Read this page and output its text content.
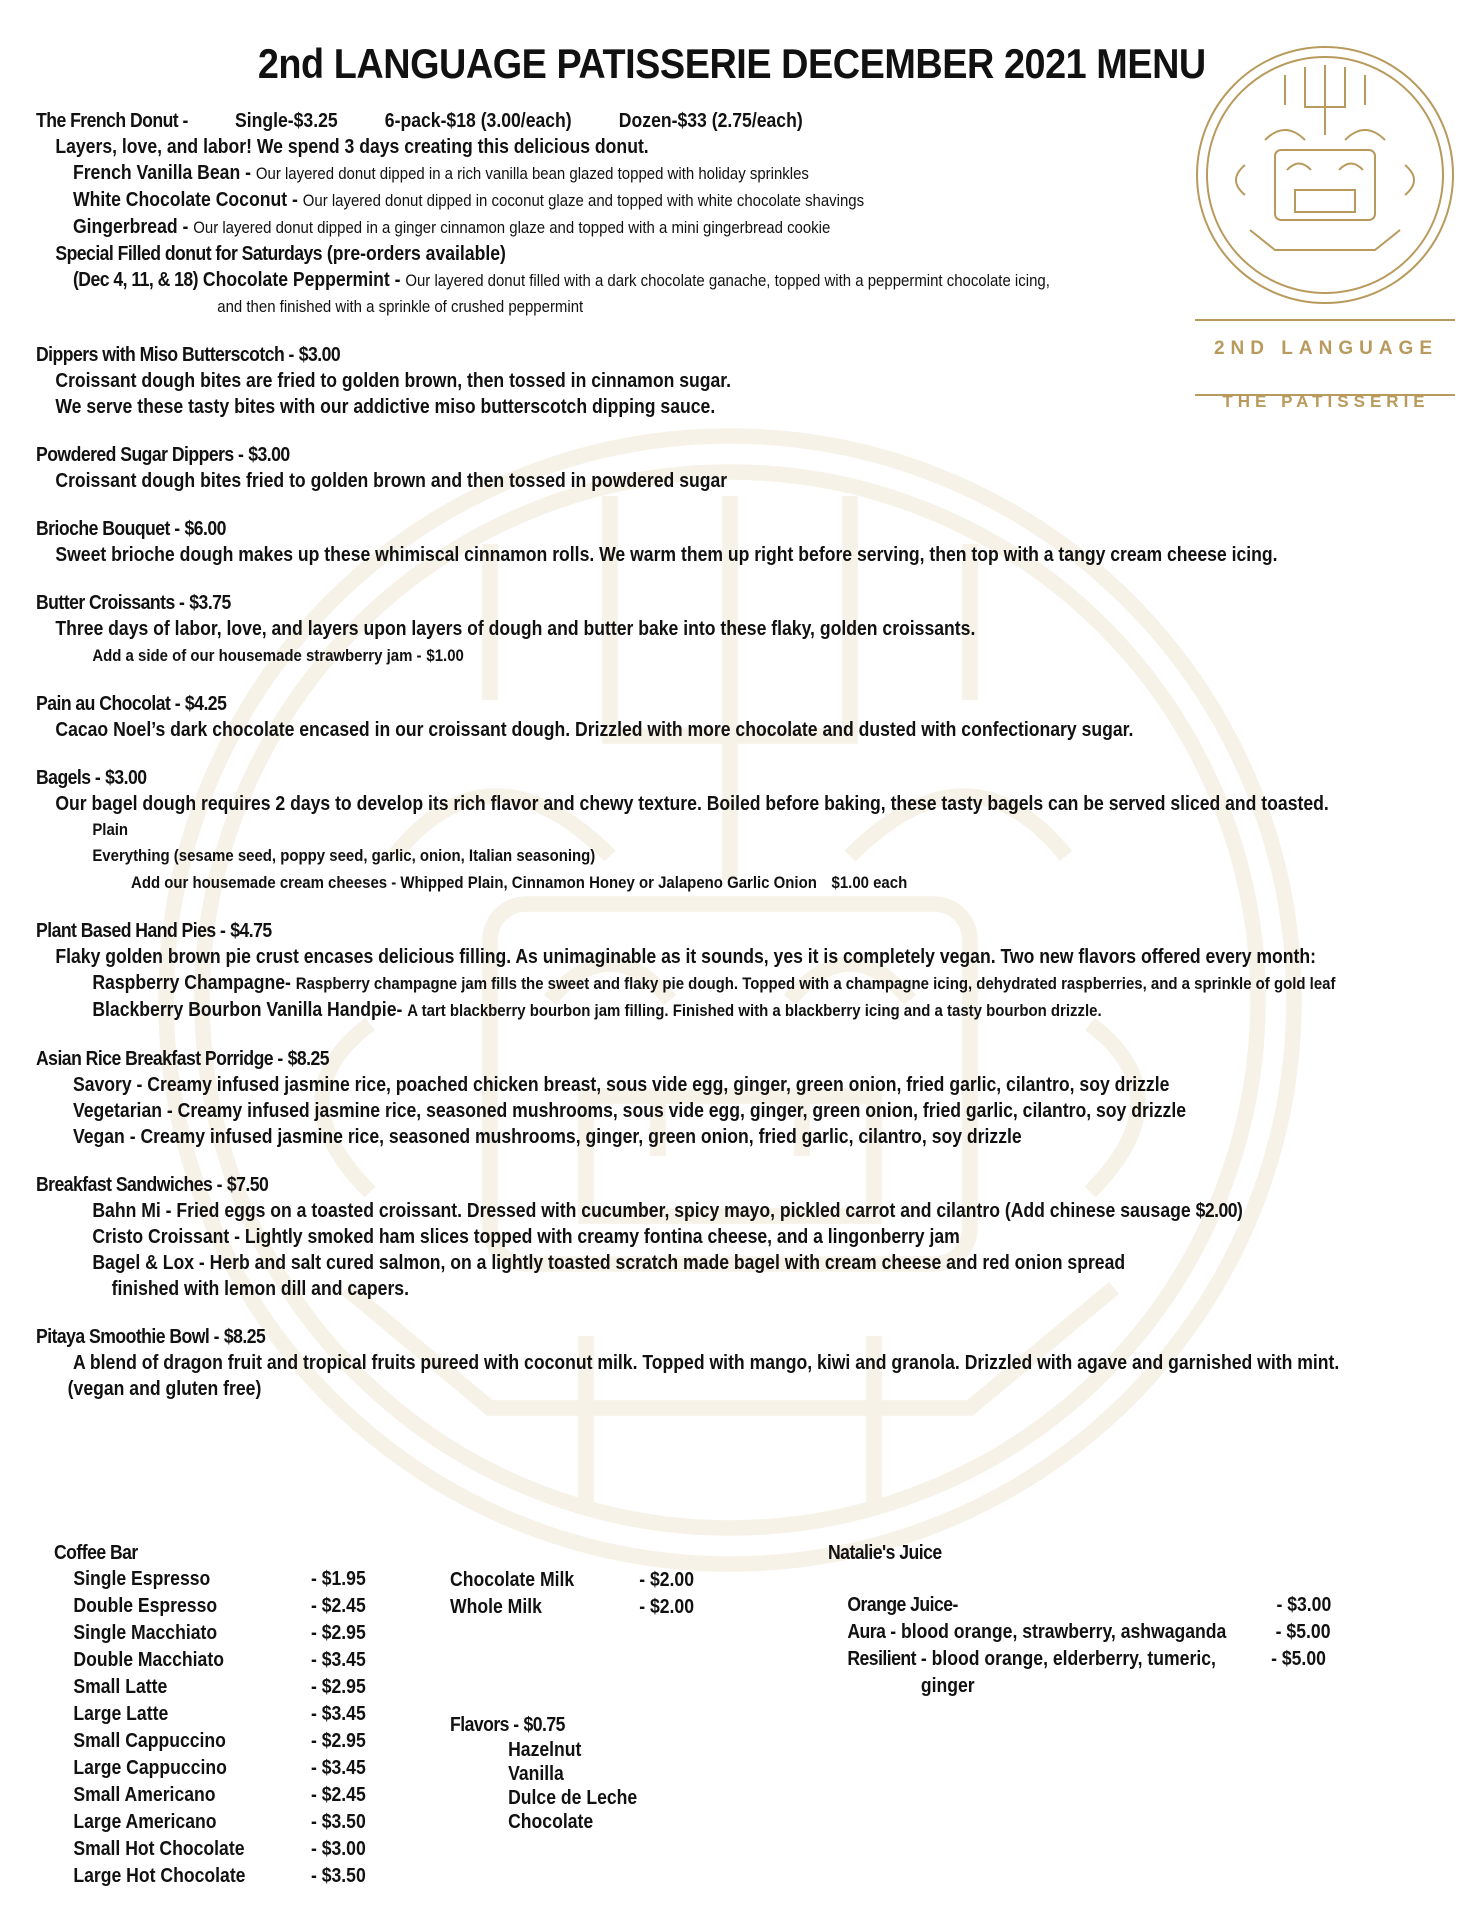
2ND LANGUAGE
THE PATISSERIE
2nd LANGUAGE PATISSERIE DECEMBER 2021 MENU
The French Donut - Single-$3.25 6-pack-$18 (3.00/each) Dozen-$33 (2.75/each)
Layers, love, and labor! We spend 3 days creating this delicious donut.
French Vanilla Bean - Our layered donut dipped in a rich vanilla bean glazed topped with holiday sprinkles
White Chocolate Coconut - Our layered donut dipped in coconut glaze and topped with white chocolate shavings
Gingerbread - Our layered donut dipped in a ginger cinnamon glaze and topped with a mini gingerbread cookie
Special Filled donut for Saturdays (pre-orders available)
(Dec 4, 11, & 18) Chocolate Peppermint - Our layered donut filled with a dark chocolate ganache, topped with a peppermint chocolate icing,
and then finished with a sprinkle of crushed peppermint
Dippers with Miso Butterscotch - $3.00
Croissant dough bites are fried to golden brown, then tossed in cinnamon sugar.
We serve these tasty bites with our addictive miso butterscotch dipping sauce.
Powdered Sugar Dippers - $3.00
Croissant dough bites fried to golden brown and then tossed in powdered sugar
Brioche Bouquet - $6.00
Sweet brioche dough makes up these whimiscal cinnamon rolls. We warm them up right before serving, then top with a tangy cream cheese icing.
Butter Croissants - $3.75
Three days of labor, love, and layers upon layers of dough and butter bake into these flaky, golden croissants.
Add a side of our housemade strawberry jam - $1.00
Pain au Chocolat - $4.25
Cacao Noel’s dark chocolate encased in our croissant dough. Drizzled with more chocolate and dusted with confectionary sugar.
Bagels - $3.00
Our bagel dough requires 2 days to develop its rich flavor and chewy texture. Boiled before baking, these tasty bagels can be served sliced and toasted.
Plain
Everything (sesame seed, poppy seed, garlic, onion, Italian seasoning)
Add our housemade cream cheeses - Whipped Plain, Cinnamon Honey or Jalapeno Garlic Onion $1.00 each
Plant Based Hand Pies - $4.75
Flaky golden brown pie crust encases delicious filling. As unimaginable as it sounds, yes it is completely vegan. Two new flavors offered every month:
Raspberry Champagne- Raspberry champagne jam fills the sweet and flaky pie dough. Topped with a champagne icing, dehydrated raspberries, and a sprinkle of gold leaf
Blackberry Bourbon Vanilla Handpie- A tart blackberry bourbon jam filling. Finished with a blackberry icing and a tasty bourbon drizzle.
Asian Rice Breakfast Porridge - $8.25
Savory - Creamy infused jasmine rice, poached chicken breast, sous vide egg, ginger, green onion, fried garlic, cilantro, soy drizzle
Vegetarian - Creamy infused jasmine rice, seasoned mushrooms, sous vide egg, ginger, green onion, fried garlic, cilantro, soy drizzle
Vegan - Creamy infused jasmine rice, seasoned mushrooms, ginger, green onion, fried garlic, cilantro, soy drizzle
Breakfast Sandwiches - $7.50
Bahn Mi - Fried eggs on a toasted croissant. Dressed with cucumber, spicy mayo, pickled carrot and cilantro (Add chinese sausage $2.00)
Cristo Croissant - Lightly smoked ham slices topped with creamy fontina cheese, and a lingonberry jam
Bagel & Lox - Herb and salt cured salmon, on a lightly toasted scratch made bagel with cream cheese and red onion spread
finished with lemon dill and capers.
Pitaya Smoothie Bowl - $8.25
A blend of dragon fruit and tropical fruits pureed with coconut milk. Topped with mango, kiwi and granola. Drizzled with agave and garnished with mint.
(vegan and gluten free)
Coffee Bar
Single Espresso	- $1.95
Double Espresso	- $2.45
Single Macchiato	- $2.95
Double Macchiato	- $3.45
Small Latte	- $2.95
Large Latte	- $3.45
Small Cappuccino	- $2.95
Large Cappuccino	- $3.45
Small Americano	- $2.45
Large Americano	- $3.50
Small Hot Chocolate	- $3.00
Large Hot Chocolate	- $3.50
Chocolate Milk	- $2.00
Whole Milk	- $2.00
Flavors - $0.75
Hazelnut
Vanilla
Dulce de Leche
Chocolate
Natalie's Juice
Orange Juice-	- $3.00
Aura
- blood orange, strawberry, ashwaganda	- $5.00
Resilient
- blood orange, elderberry, tumeric, ginger
- $5.00
